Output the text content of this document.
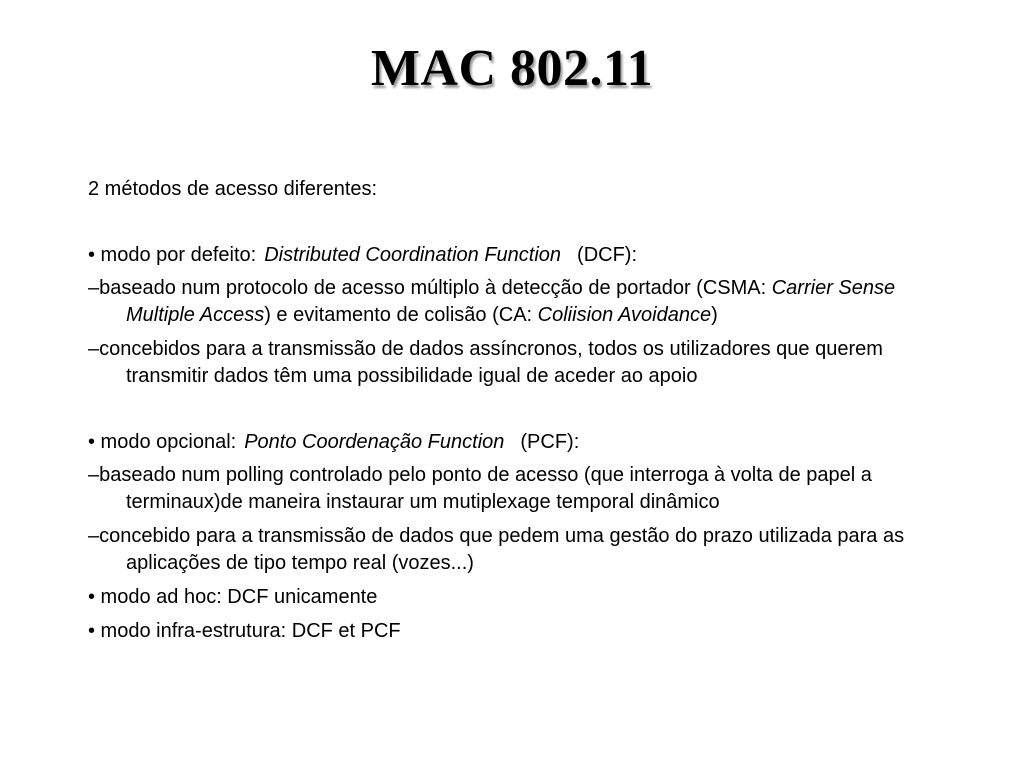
MAC 802.11

2 métodos de acesso diferentes:

• modo por defeito: Distributed Coordination Function (DCF):

–baseado num protocolo de acesso múltiplo à detecção de portador (CSMA: Carrier Sense Multiple Access) e evitamento de colisão (CA: Coliision Avoidance)

–concebidos para a transmissão de dados assíncronos, todos os utilizadores que querem transmitir dados têm uma possibilidade igual de aceder ao apoio

• modo opcional: Ponto Coordenação Function (PCF):

–baseado num polling controlado pelo ponto de acesso (que interroga à volta de papel a terminaux)de maneira instaurar um mutiplexage temporal dinâmico

–concebido para a transmissão de dados que pedem uma gestão do prazo utilizada para as aplicações de tipo tempo real (vozes...)

• modo ad hoc: DCF unicamente

• modo infra-estrutura: DCF et PCF
